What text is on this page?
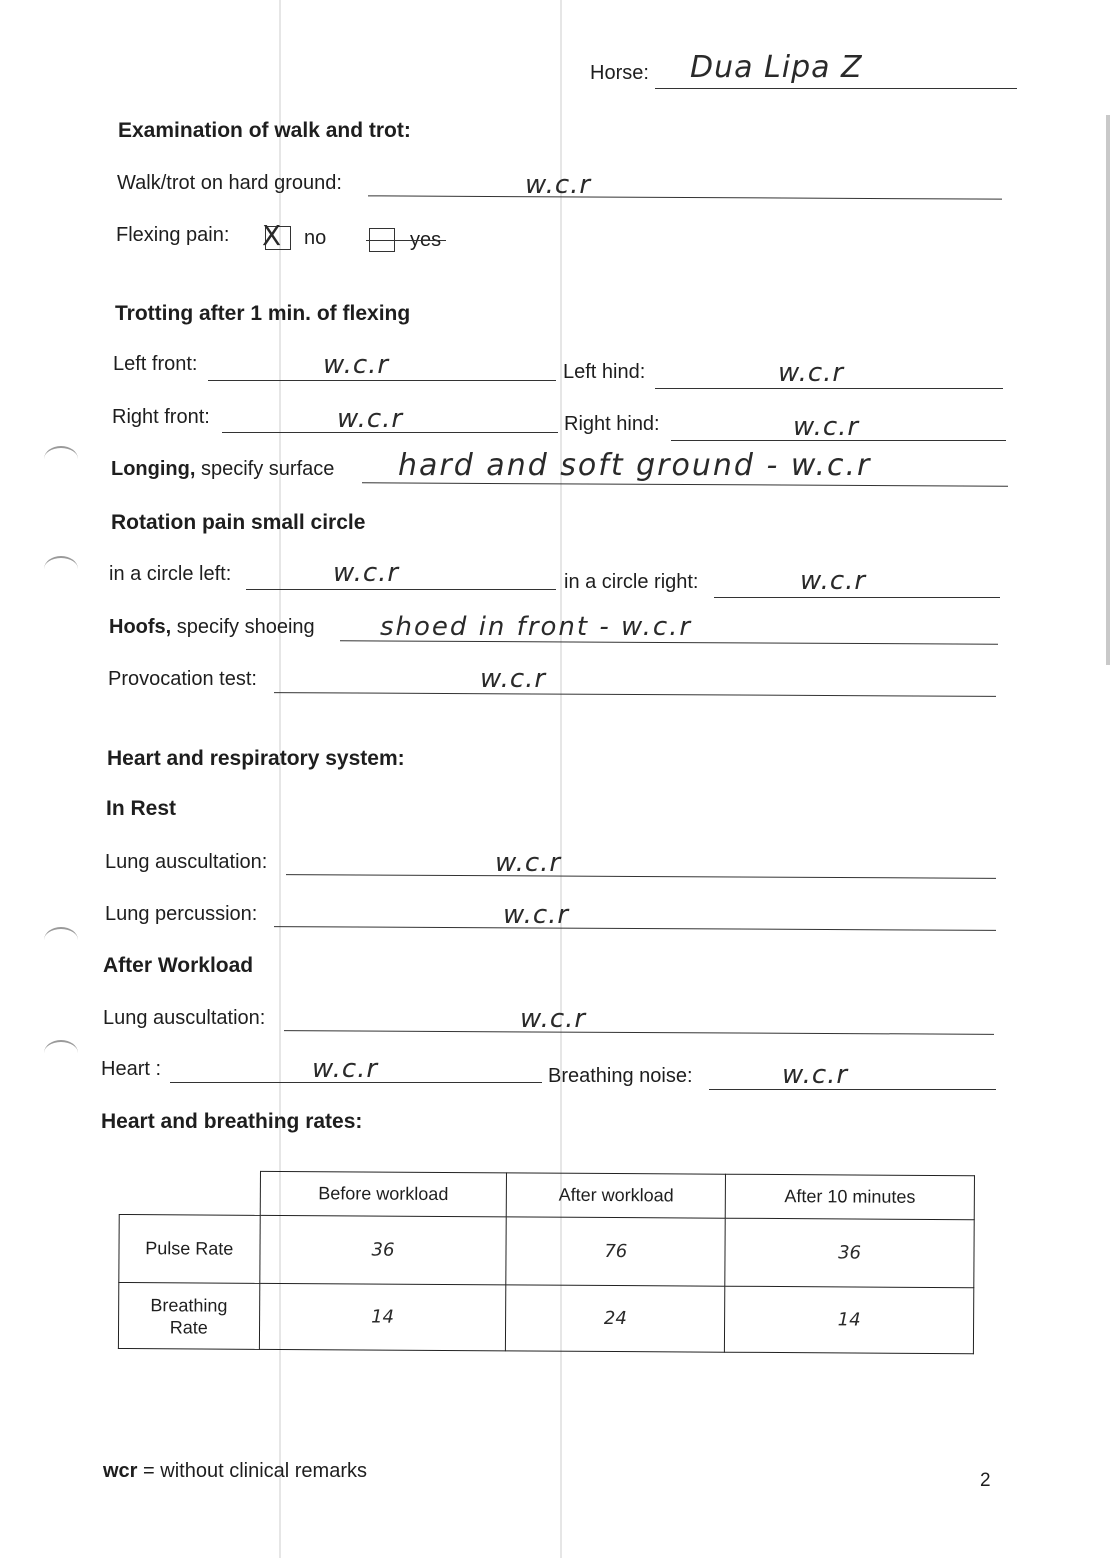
Horse: Dua Lipa Z
Examination of walk and trot:
Walk/trot on hard ground:	w.c.r
Flexing pain: X no	yes
Trotting after 1 min. of flexing
Left front:	w.c.r	Left hind:	w.c.r
Right front:	w.c.r	Right hind:	w.c.r
Longing, specify surface hard and soft ground - w.c.r
Rotation pain small circle
in a circle left:	w.c.r	in a circle right:	w.c.r
Hoofs, specify shoeing	shoed in front - w.c.r
Provocation test:	w.c.r
Heart and respiratory system:
In Rest
Lung auscultation:	w.c.r
Lung percussion:	w.c.r
After Workload
Lung auscultation:	w.c.r
Heart :	w.c.r	Breathing noise:	w.c.r
Heart and breathing rates:
	Before workload	After workload	After 10 minutes
Pulse Rate	36	76	36
Breathing Rate	14	24	14
wcr = without clinical remarks	2
